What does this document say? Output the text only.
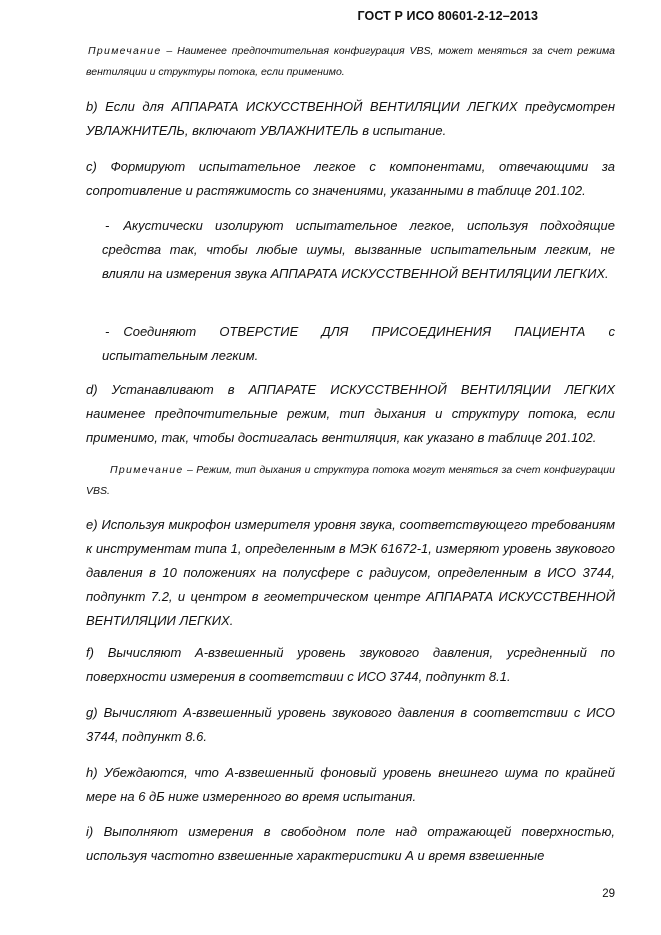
ГОСТ Р ИСО 80601-2-12–2013
Примечание – Наименее предпочтительная конфигурация VBS, может меняться за счет режима вентиляции и структуры потока, если применимо.
b) Если для АППАРАТА ИСКУССТВЕННОЙ ВЕНТИЛЯЦИИ ЛЕГКИХ предусмотрен УВЛАЖНИТЕЛЬ, включают УВЛАЖНИТЕЛЬ в испытание.
c) Формируют испытательное легкое с компонентами, отвечающими за сопротивление и растяжимость со значениями, указанными в таблице 201.102.
- Акустически изолируют испытательное легкое, используя подходящие средства так, чтобы любые шумы, вызванные испытательным легким, не влияли на измерения звука АППАРАТА ИСКУССТВЕННОЙ ВЕНТИЛЯЦИИ ЛЕГКИХ.
- Соединяют ОТВЕРСТИЕ ДЛЯ ПРИСОЕДИНЕНИЯ ПАЦИЕНТА с испытательным легким.
d) Устанавливают в АППАРАТЕ ИСКУССТВЕННОЙ ВЕНТИЛЯЦИИ ЛЕГКИХ наименее предпочтительные режим, тип дыхания и структуру потока, если применимо, так, чтобы достигалась вентиляция, как указано в таблице 201.102.
Примечание – Режим, тип дыхания и структура потока могут меняться за счет конфигурации VBS.
e) Используя микрофон измерителя уровня звука, соответствующего требованиям к инструментам типа 1, определенным в МЭК 61672-1, измеряют уровень звукового давления в 10 положениях на полусфере с радиусом, определенным в ИСО 3744, подпункт 7.2, и центром в геометрическом центре АППАРАТА ИСКУССТВЕННОЙ ВЕНТИЛЯЦИИ ЛЕГКИХ.
f) Вычисляют А-взвешенный уровень звукового давления, усредненный по поверхности измерения в соответствии с ИСО 3744, подпункт 8.1.
g) Вычисляют А-взвешенный уровень звукового давления в соответствии с ИСО 3744, подпункт 8.6.
h) Убеждаются, что А-взвешенный фоновый уровень внешнего шума по крайней мере на 6 дБ ниже измеренного во время испытания.
i) Выполняют измерения в свободном поле над отражающей поверхностью, используя частотно взвешенные характеристики А и время взвешенные
29
